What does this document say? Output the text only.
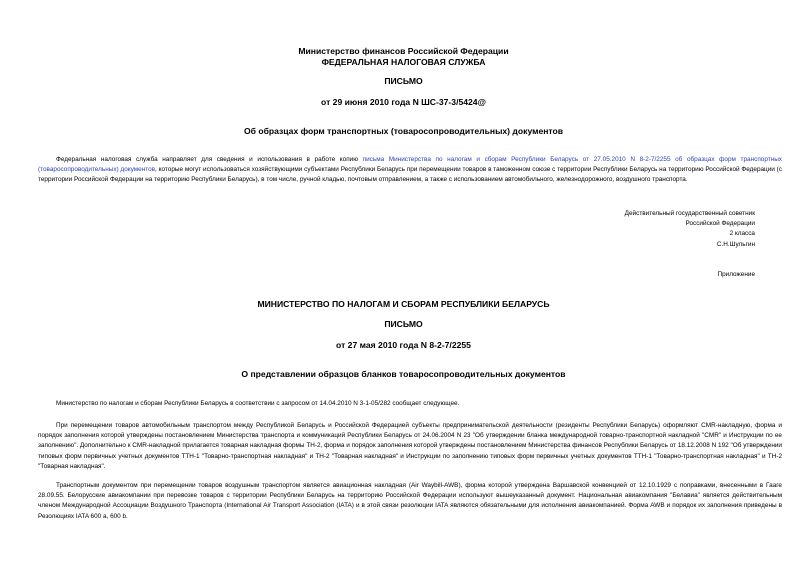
Министерство финансов Российской Федерации
ФЕДЕРАЛЬНАЯ НАЛОГОВАЯ СЛУЖБА
ПИСЬМО
от 29 июня 2010 года N ШС-37-3/5424@
Об образцах форм транспортных (товаросопроводительных) документов
Федеральная налоговая служба направляет для сведения и использования в работе копию письма Министерства по налогам и сборам Республики Беларусь от 27.05.2010 N 8-2-7/2255 об образцах форм транспортных (товаросопроводительных) документов, которые могут использоваться хозяйствующими субъектами Республики Беларусь при перемещении товаров в таможенном союзе с территории Республики Беларусь на территорию Российской Федерации (с территории Российской Федерации на территорию Республики Беларусь), в том числе, ручной кладью, почтовым отправлением, а также с использованием автомобильного, железнодорожного, воздушного транспорта.
Действительный государственный советник
Российской Федерации
2 класса
С.Н.Шульгин
Приложение
МИНИСТЕРСТВО ПО НАЛОГАМ И СБОРАМ РЕСПУБЛИКИ БЕЛАРУСЬ
ПИСЬМО
от 27 мая 2010 года N 8-2-7/2255
О представлении образцов бланков товаросопроводительных документов
Министерство по налогам и сборам Республики Беларусь в соответствии с запросом от 14.04.2010 N 3-1-05/282 сообщает следующее.
При перемещении товаров автомобильным транспортом между Республикой Беларусь и Российской Федерацией субъекты предпринимательской деятельности (резиденты Республики Беларусь) оформляют CMR-накладную, форма и порядок заполнения которой утверждены постановлением Министерства транспорта и коммуникаций Республики Беларусь от 24.06.2004 N 23 "Об утверждении бланка международной товарно-транспортной накладной "CMR" и Инструкции по ее заполнению". Дополнительно к CMR-накладной прилагается товарная накладная формы ТН-2, форма и порядок заполнения которой утверждены постановлением Министерства финансов Республики Беларусь от 18.12.2008 N 192 "Об утверждении типовых форм первичных учетных документов ТТН-1 "Товарно-транспортная накладная" и ТН-2 "Товарная накладная" и Инструкции по заполнению типовых форм первичных учетных документов ТТН-1 "Товарно-транспортная накладная" и ТН-2 "Товарная накладная".
Транспортным документом при перемещении товаров воздушным транспортом является авиационная накладная (Air Waybill-AWB), форма которой утверждена Варшавской конвенцией от 12.10.1929 с поправками, внесенными в Гааге 28.09.55. Белорусские авиакомпании при перевозке товаров с территории Республики Беларусь на территорию Российской Федерации используют вышеуказанный документ. Национальная авиакомпания "Белавиа" является действительным членом Международной Ассоциации Воздушного Транспорта (International Air Transport Association (IATA) и в этой связи резолюции IATA являются обязательными для исполнения авиакомпанией. Форма AWB и порядок их заполнения приведены в Резолюциях IATA 600 а, 600 b.
